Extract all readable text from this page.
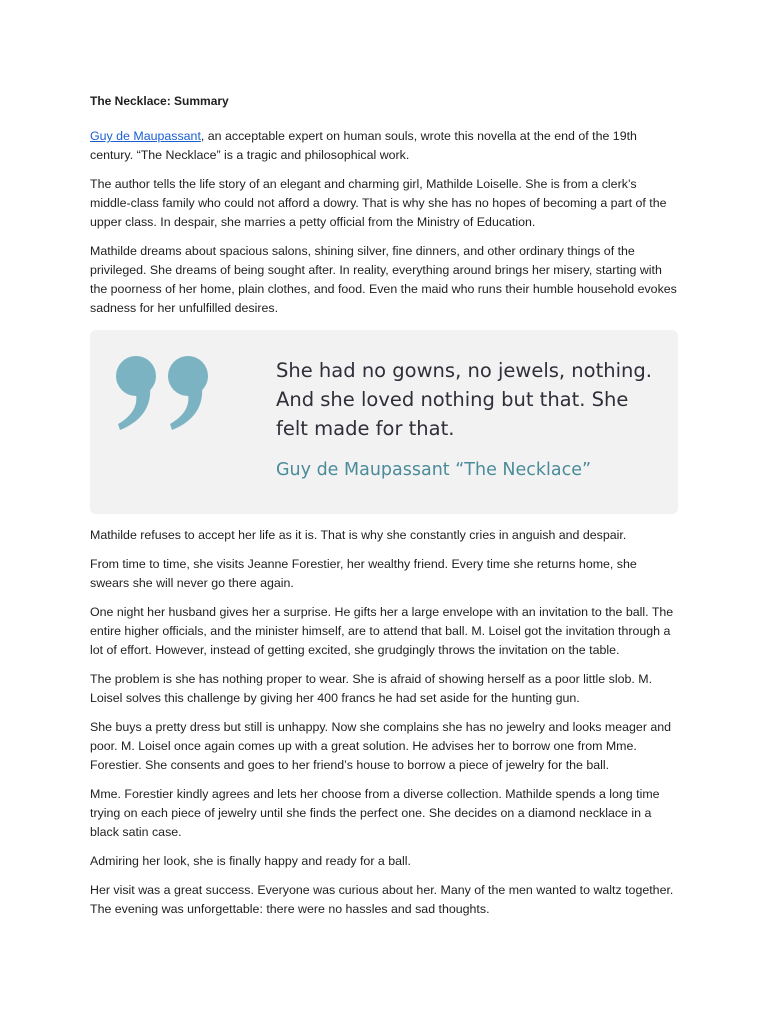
The Necklace: Summary

Guy de Maupassant, an acceptable expert on human souls, wrote this novella at the end of the 19th century. “The Necklace” is a tragic and philosophical work.

The author tells the life story of an elegant and charming girl, Mathilde Loiselle. She is from a clerk’s middle-class family who could not afford a dowry. That is why she has no hopes of becoming a part of the upper class. In despair, she marries a petty official from the Ministry of Education.

Mathilde dreams about spacious salons, shining silver, fine dinners, and other ordinary things of the privileged. She dreams of being sought after. In reality, everything around brings her misery, starting with the poorness of her home, plain clothes, and food. Even the maid who runs their humble household evokes sadness for her unfulfilled desires.

She had no gowns, no jewels, nothing. And she loved nothing but that. She felt made for that.

Guy de Maupassant “The Necklace”

Mathilde refuses to accept her life as it is. That is why she constantly cries in anguish and despair.

From time to time, she visits Jeanne Forestier, her wealthy friend. Every time she returns home, she swears she will never go there again.

One night her husband gives her a surprise. He gifts her a large envelope with an invitation to the ball. The entire higher officials, and the minister himself, are to attend that ball. M. Loisel got the invitation through a lot of effort. However, instead of getting excited, she grudgingly throws the invitation on the table.

The problem is she has nothing proper to wear. She is afraid of showing herself as a poor little slob. M. Loisel solves this challenge by giving her 400 francs he had set aside for the hunting gun.

She buys a pretty dress but still is unhappy. Now she complains she has no jewelry and looks meager and poor. M. Loisel once again comes up with a great solution. He advises her to borrow one from Mme. Forestier. She consents and goes to her friend’s house to borrow a piece of jewelry for the ball.

Mme. Forestier kindly agrees and lets her choose from a diverse collection. Mathilde spends a long time trying on each piece of jewelry until she finds the perfect one. She decides on a diamond necklace in a black satin case.

Admiring her look, she is finally happy and ready for a ball.

Her visit was a great success. Everyone was curious about her. Many of the men wanted to waltz together. The evening was unforgettable: there were no hassles and sad thoughts.
